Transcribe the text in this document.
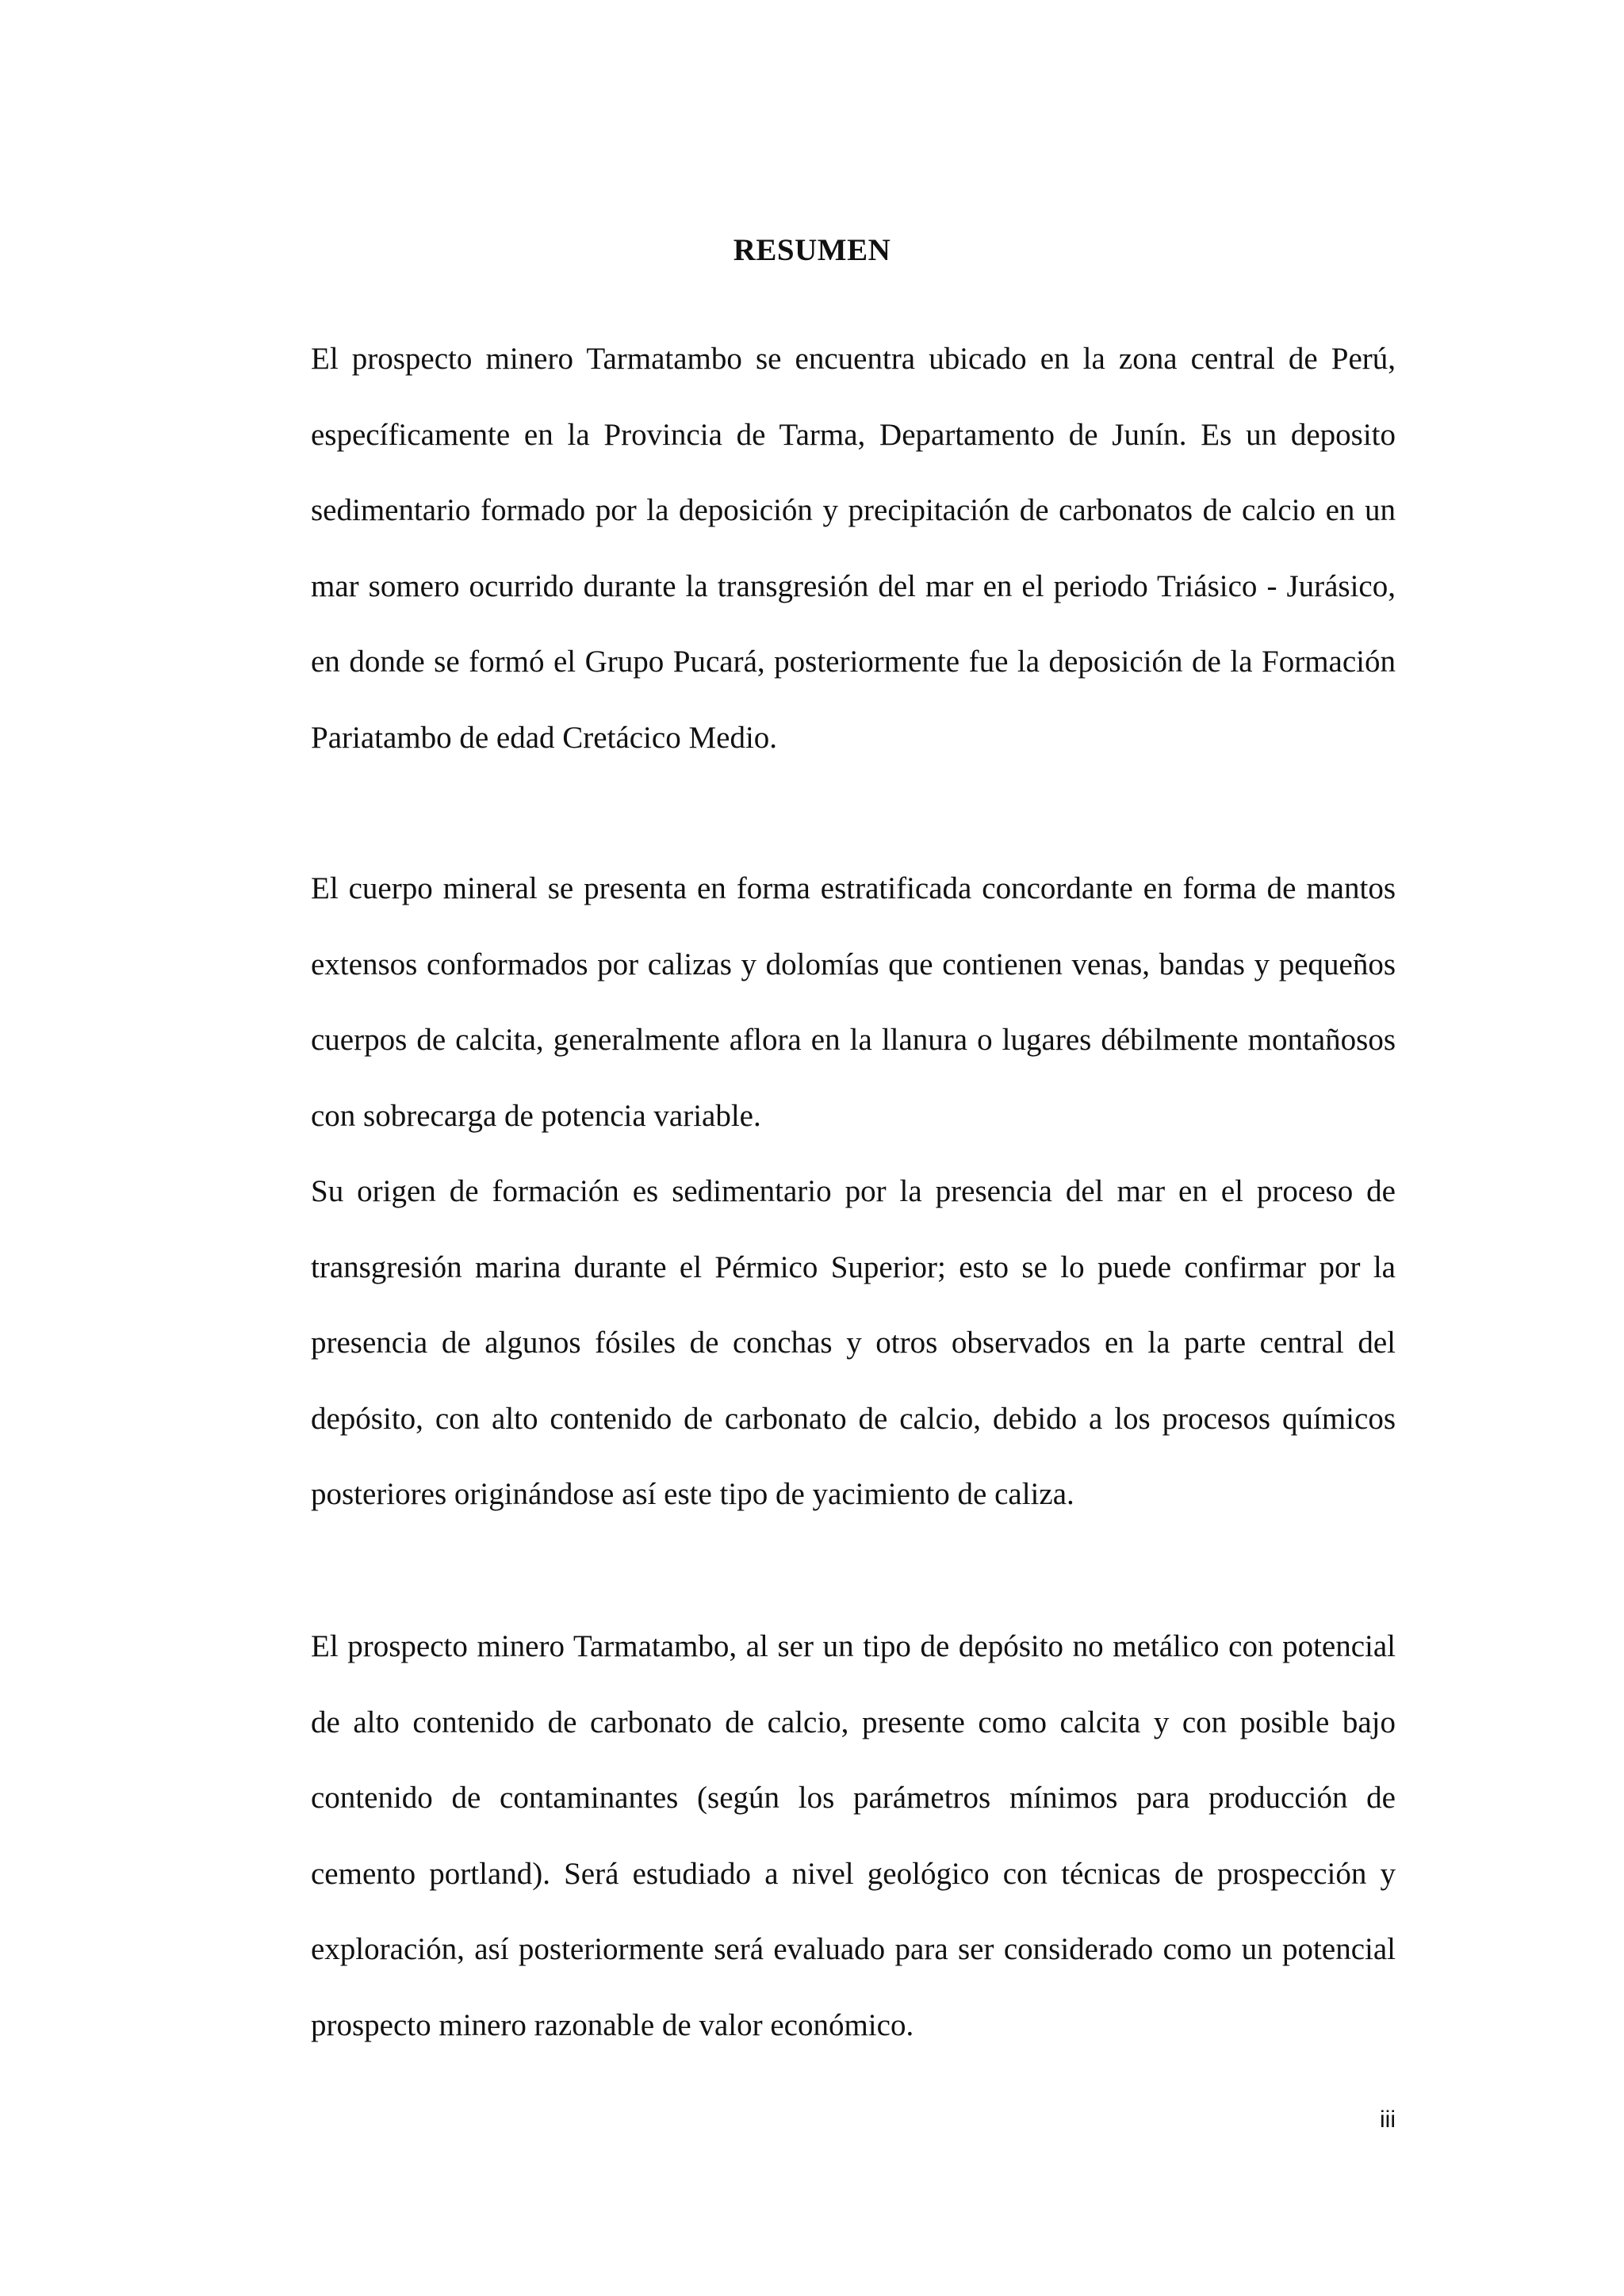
RESUMEN

El prospecto minero Tarmatambo se encuentra ubicado en la zona central de Perú, específicamente en la Provincia de Tarma, Departamento de Junín. Es un deposito sedimentario formado por la deposición y precipitación de carbonatos de calcio en un mar somero ocurrido durante la transgresión del mar en el periodo Triásico - Jurásico, en donde se formó el Grupo Pucará, posteriormente fue la deposición de la Formación Pariatambo de edad Cretácico Medio.

El cuerpo mineral se presenta en forma estratificada concordante en forma de mantos extensos conformados por calizas y dolomías que contienen venas, bandas y pequeños cuerpos de calcita, generalmente aflora en la llanura o lugares débilmente montañosos con sobrecarga de potencia variable.

Su origen de formación es sedimentario por la presencia del mar en el proceso de transgresión marina durante el Pérmico Superior; esto se lo puede confirmar por la presencia de algunos fósiles de conchas y otros observados en la parte central del depósito, con alto contenido de carbonato de calcio, debido a los procesos químicos posteriores originándose así este tipo de yacimiento de caliza.

El prospecto minero Tarmatambo, al ser un tipo de depósito no metálico con potencial de alto contenido de carbonato de calcio, presente como calcita y con posible bajo contenido de contaminantes (según los parámetros mínimos para producción de cemento portland). Será estudiado a nivel geológico con técnicas de prospección y exploración, así posteriormente será evaluado para ser considerado como un potencial prospecto minero razonable de valor económico.

iii
